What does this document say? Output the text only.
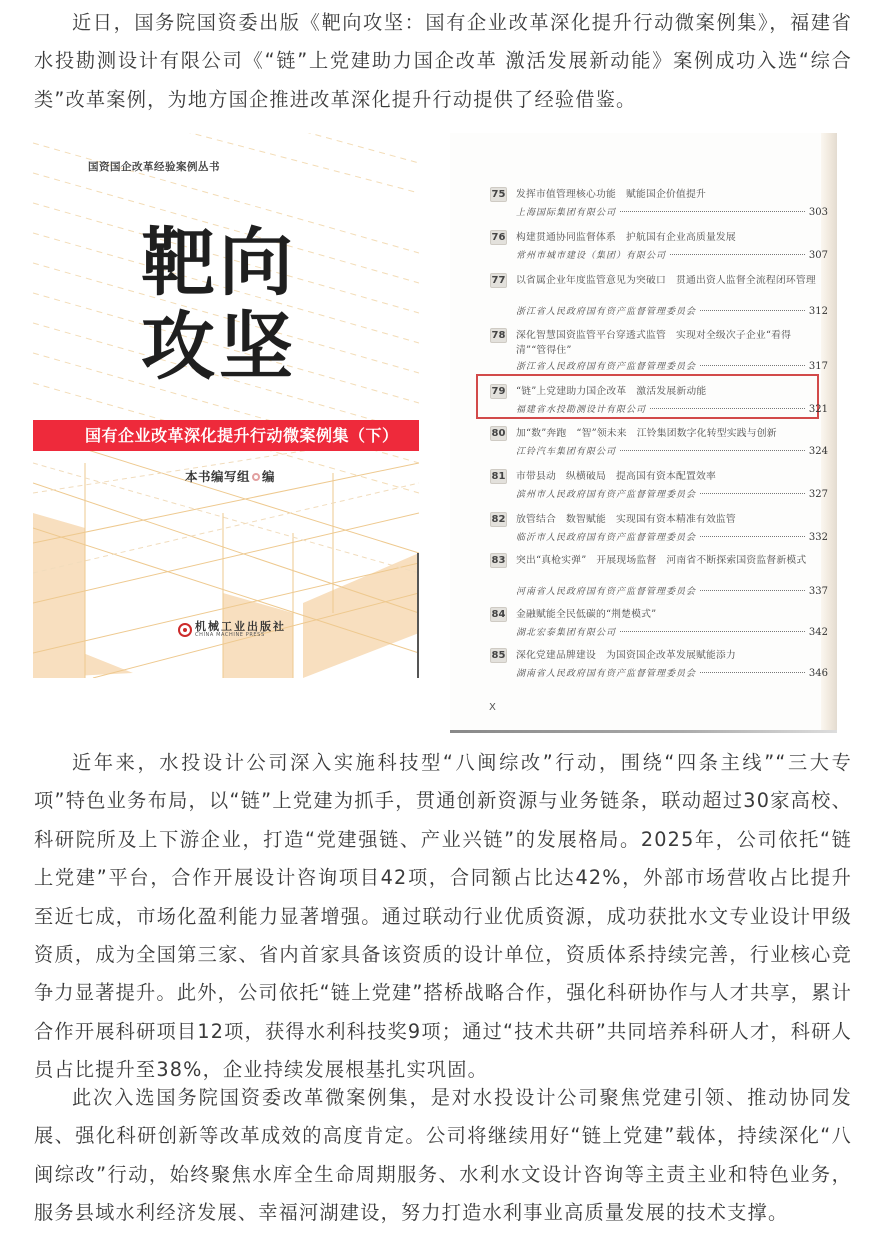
近日，国务院国资委出版《靶向攻坚：国有企业改革深化提升行动微案例集》，福建省水投勘测设计有限公司《“链”上党建助力国企改革 激活发展新动能》案例成功入选“综合类”改革案例，为地方国企推进改革深化提升行动提供了经验借鉴。

国资国企改革经验案例丛书
靶向
攻坚
国有企业改革深化提升行动微案例集（下）
本书编写组 编
机械工业出版社
CHINA MACHINE PRESS
75 发挥市值管理核心功能　赋能国企价值提升
上海国际集团有限公司	303
76 构建贯通协同监督体系　护航国有企业高质量发展
常州市城市建设（集团）有限公司	307
77 以省属企业年度监管意见为突破口　贯通出资人监督全流程闭环管理
浙江省人民政府国有资产监督管理委员会	312
78 深化智慧国资监管平台穿透式监管　实现对全级次子企业“看得清”“管得住”
浙江省人民政府国有资产监督管理委员会	317
79 “链”上党建助力国企改革　激活发展新动能
福建省水投勘测设计有限公司	321
80 加“数”奔跑　“智”领未来　江铃集团数字化转型实践与创新
江铃汽车集团有限公司	324
81 市带县动　纵横破局　提高国有资本配置效率
滨州市人民政府国有资产监督管理委员会	327
82 放管结合　数智赋能　实现国有资本精准有效监管
临沂市人民政府国有资产监督管理委员会	332
83 突出“真枪实弹”　开展现场监督　河南省不断探索国资监督新模式
河南省人民政府国有资产监督管理委员会	337
84 金融赋能全民低碳的“荆楚模式”
湖北宏泰集团有限公司	342
85 深化党建品牌建设　为国资国企改革发展赋能添力
湖南省人民政府国有资产监督管理委员会	346
X

近年来，水投设计公司深入实施科技型“八闽综改”行动，围绕“四条主线”“三大专项”特色业务布局，以“链”上党建为抓手，贯通创新资源与业务链条，联动超过30家高校、科研院所及上下游企业，打造“党建强链、产业兴链”的发展格局。2025年，公司依托“链上党建”平台，合作开展设计咨询项目42项，合同额占比达42%，外部市场营收占比提升至近七成，市场化盈利能力显著增强。通过联动行业优质资源，成功获批水文专业设计甲级资质，成为全国第三家、省内首家具备该资质的设计单位，资质体系持续完善，行业核心竞争力显著提升。此外，公司依托“链上党建”搭桥战略合作，强化科研协作与人才共享，累计合作开展科研项目12项，获得水利科技奖9项；通过“技术共研”共同培养科研人才，科研人员占比提升至38%，企业持续发展根基扎实巩固。

此次入选国务院国资委改革微案例集，是对水投设计公司聚焦党建引领、推动协同发展、强化科研创新等改革成效的高度肯定。公司将继续用好“链上党建”载体，持续深化“八闽综改”行动，始终聚焦水库全生命周期服务、水利水文设计咨询等主责主业和特色业务，服务县域水利经济发展、幸福河湖建设，努力打造水利事业高质量发展的技术支撑。
